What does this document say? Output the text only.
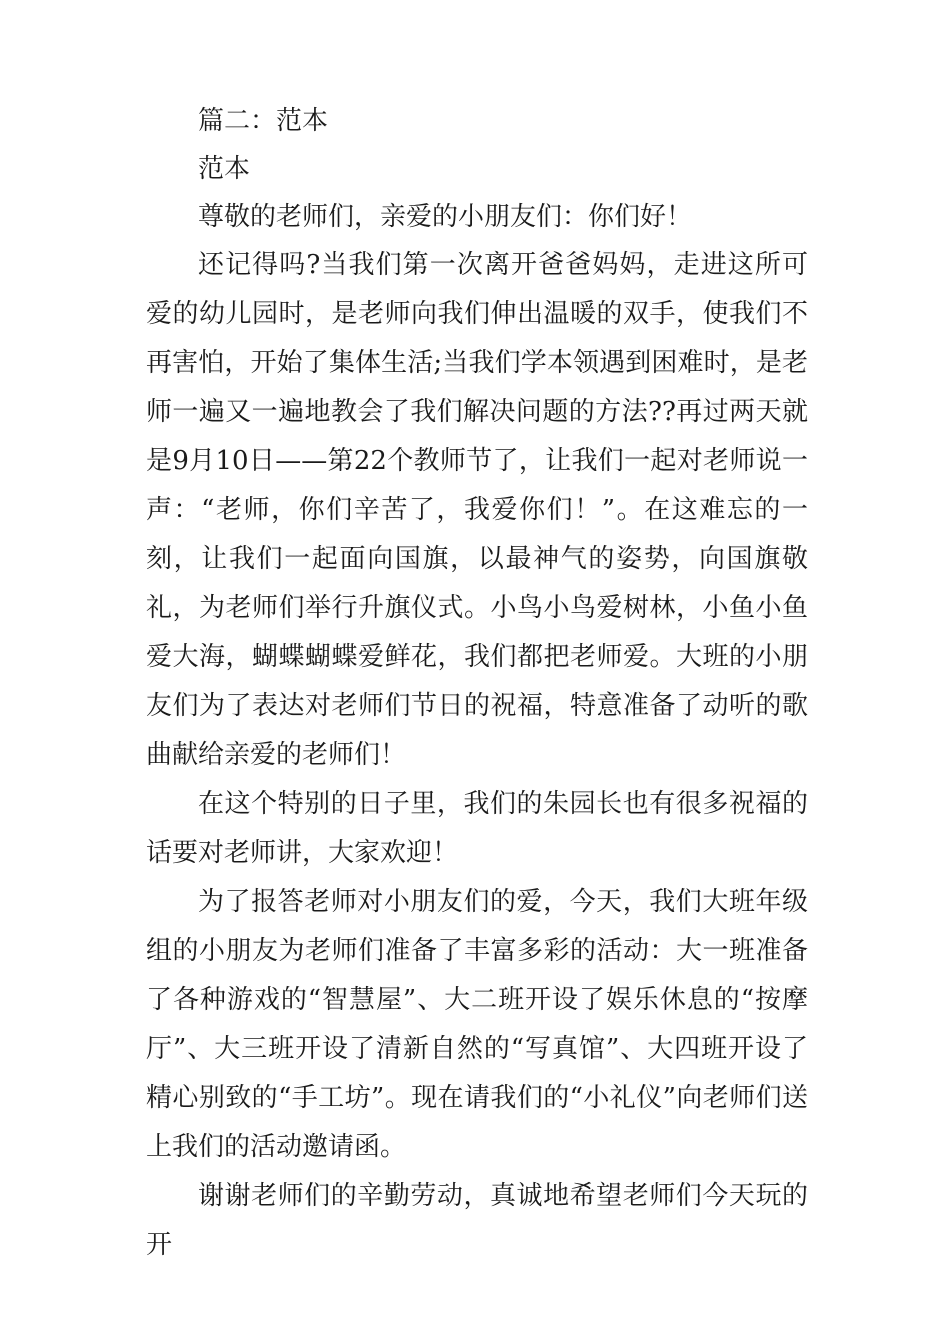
篇二：范本
范本
尊敬的老师们，亲爱的小朋友们：你们好！

还记得吗?当我们第一次离开爸爸妈妈，走进这所可爱的幼儿园时，是老师向我们伸出温暖的双手，使我们不再害怕，开始了集体生活;当我们学本领遇到困难时，是老师一遍又一遍地教会了我们解决问题的方法??再过两天就是9月10日——第22个教师节了，让我们一起对老师说一声：“老师，你们辛苦了，我爱你们！”。在这难忘的一刻，让我们一起面向国旗，以最神气的姿势，向国旗敬礼，为老师们举行升旗仪式。小鸟小鸟爱树林，小鱼小鱼爱大海，蝴蝶蝴蝶爱鲜花，我们都把老师爱。大班的小朋友们为了表达对老师们节日的祝福，特意准备了动听的歌曲献给亲爱的老师们！

在这个特别的日子里，我们的朱园长也有很多祝福的话要对老师讲，大家欢迎！

为了报答老师对小朋友们的爱，今天，我们大班年级组的小朋友为老师们准备了丰富多彩的活动：大一班准备了各种游戏的“智慧屋”、大二班开设了娱乐休息的“按摩厅”、大三班开设了清新自然的“写真馆”、大四班开设了精心别致的“手工坊”。现在请我们的“小礼仪”向老师们送上我们的活动邀请函。

谢谢老师们的辛勤劳动，真诚地希望老师们今天玩的开
